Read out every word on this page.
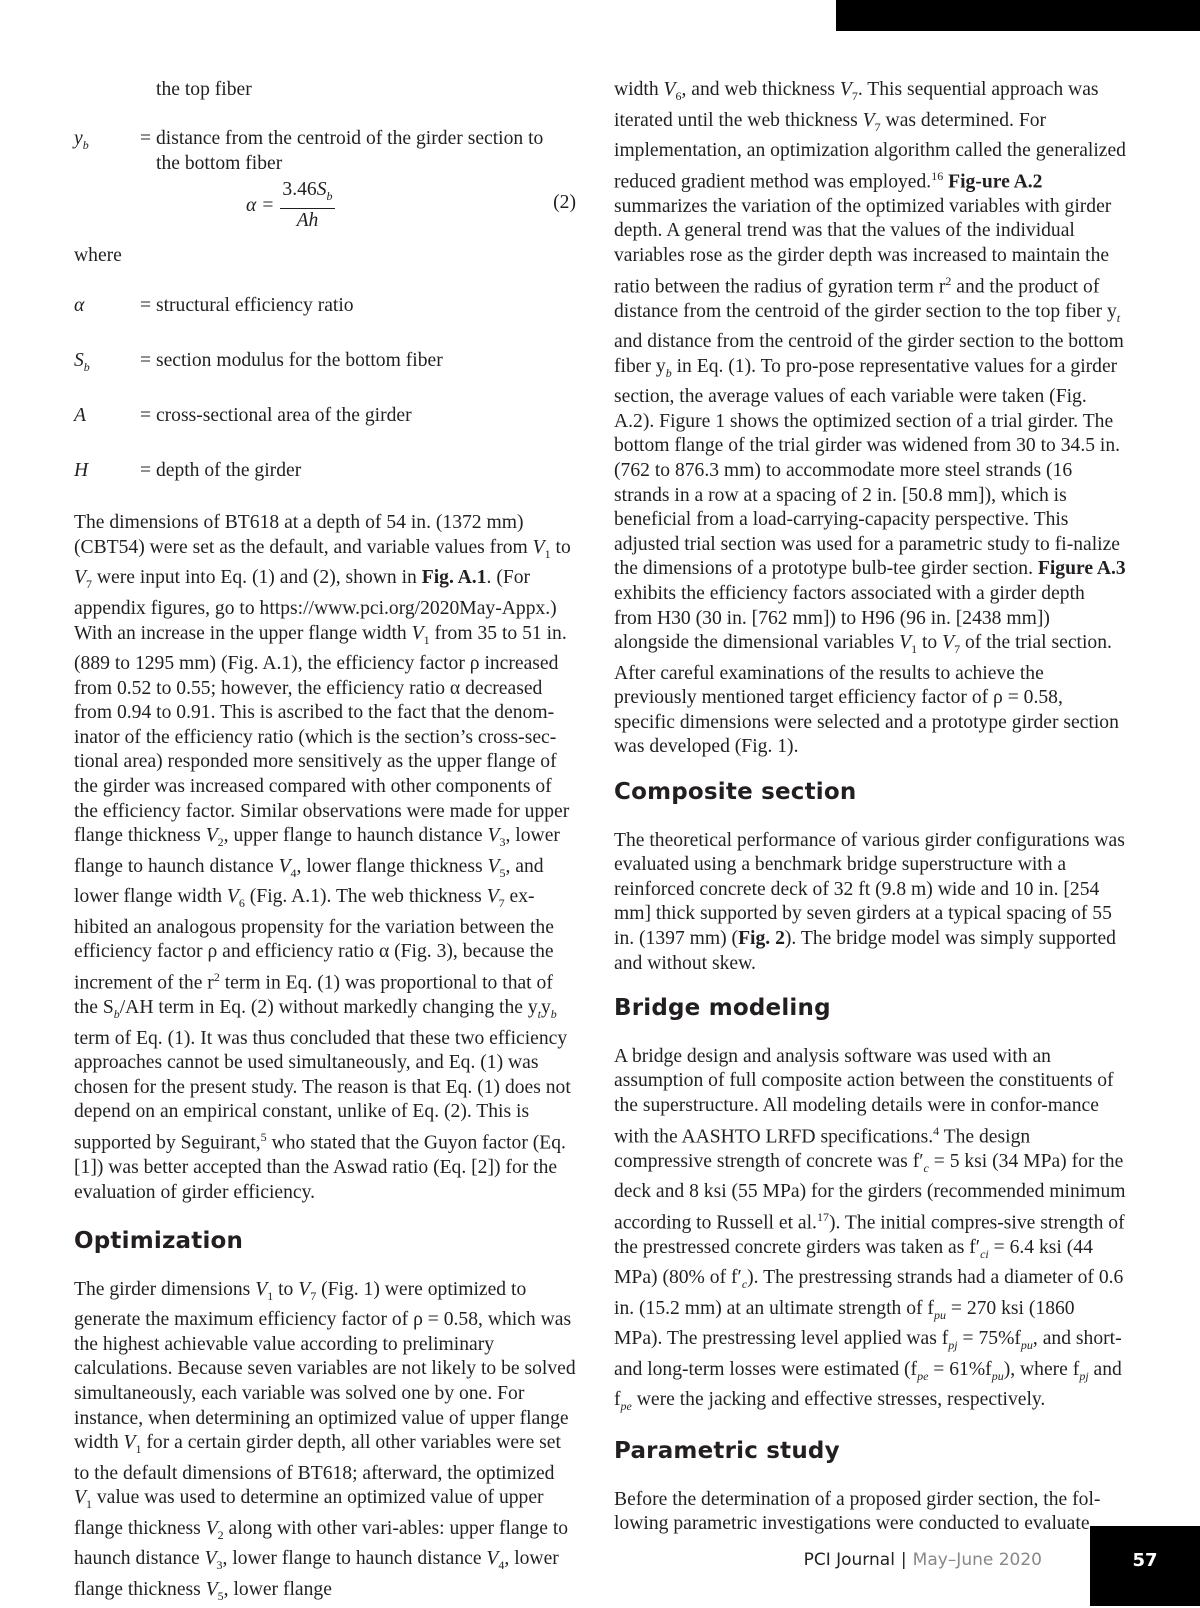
the top fiber
$y_b$	= distance from the centroid of the girder section to
the bottom fiber
$\alpha = \frac{3.46S_b}{Ah}$	(2)

where

α	= structural efficiency ratio
$S_b$	= section modulus for the bottom fiber
A	= cross-sectional area of the girder
H	= depth of the girder

The dimensions of BT618 at a depth of 54 in. (1372 mm)(CBT54) were set as the default, and variable values from $V_1$ to $V_7$ were input into Eq. (1) and (2), shown in Fig. A.1. (For appendix figures, go to https://www.pci.org/2020May-Appx.) With an increase in the upper flange width $V_1$ from 35 to 51 in. (889 to 1295 mm) (Fig. A.1), the efficiency factor ρ increased from 0.52 to 0.55; however, the efficiency ratio α decreased from 0.94 to 0.91. This is ascribed to the fact that the denom-inator of the efficiency ratio (which is the section’s cross-sec-tional area) responded more sensitively as the upper flange of the girder was increased compared with other components of the efficiency factor. Similar observations were made for upper flange thickness $V_2$, upper flange to haunch distance $V_3$, lower flange to haunch distance $V_4$, lower flange thickness $V_5$, and lower flange width $V_6$ (Fig. A.1). The web thickness $V_7$ ex-hibited an analogous propensity for the variation between the efficiency factor ρ and efficiency ratio α (Fig. 3), because the increment of the $r^2$ term in Eq. (1) was proportional to that of the $S_b/AH$ term in Eq. (2) without markedly changing the $y_ty_b$ term of Eq. (1). It was thus concluded that these two efficiency approaches cannot be used simultaneously, and Eq. (1) was chosen for the present study. The reason is that Eq. (1) does not depend on an empirical constant, unlike of Eq. (2). This is supported by Seguirant,$^5$ who stated that the Guyon factor (Eq. [1]) was better accepted than the Aswad ratio (Eq. [2]) for the evaluation of girder efficiency.

Optimization

The girder dimensions $V_1$ to $V_7$ (Fig. 1) were optimized to generate the maximum efficiency factor of ρ = 0.58, which was the highest achievable value according to preliminary calculations. Because seven variables are not likely to be solved simultaneously, each variable was solved one by one. For instance, when determining an optimized value of upper flange width $V_1$ for a certain girder depth, all other variables were set to the default dimensions of BT618; afterward, the optimized $V_1$ value was used to determine an optimized value of upper flange thickness $V_2$ along with other vari-ables: upper flange to haunch distance $V_3$, lower flange to haunch distance $V_4$, lower flange thickness $V_5$, lower flange

width $V_6$, and web thickness $V_7$. This sequential approach was iterated until the web thickness $V_7$ was determined. For implementation, an optimization algorithm called the generalized reduced gradient method was employed.$^{16}$ Fig-ure A.2 summarizes the variation of the optimized variables with girder depth. A general trend was that the values of the individual variables rose as the girder depth was increased to maintain the ratio between the radius of gyration term $r^2$ and the product of distance from the centroid of the girder section to the top fiber $y_t$ and distance from the centroid of the girder section to the bottom fiber $y_b$ in Eq. (1). To pro-pose representative values for a girder section, the average values of each variable were taken (Fig. A.2). Figure 1 shows the optimized section of a trial girder. The bottom flange of the trial girder was widened from 30 to 34.5 in. (762 to 876.3 mm) to accommodate more steel strands (16 strands in a row at a spacing of 2 in. [50.8 mm]), which is beneficial from a load-carrying-capacity perspective. This adjusted trial section was used for a parametric study to fi-nalize the dimensions of a prototype bulb-tee girder section. Figure A.3 exhibits the efficiency factors associated with a girder depth from H30 (30 in. [762 mm]) to H96 (96 in. [2438 mm]) alongside the dimensional variables $V_1$ to $V_7$ of the trial section. After careful examinations of the results to achieve the previously mentioned target efficiency factor of ρ = 0.58, specific dimensions were selected and a prototype girder section was developed (Fig. 1).

Composite section

The theoretical performance of various girder configurations was evaluated using a benchmark bridge superstructure with a reinforced concrete deck of 32 ft (9.8 m) wide and 10 in. [254 mm] thick supported by seven girders at a typical spacing of 55 in. (1397 mm) (Fig. 2). The bridge model was simply supported and without skew.

Bridge modeling

A bridge design and analysis software was used with an assumption of full composite action between the constituents of the superstructure. All modeling details were in confor-mance with the AASHTO LRFD specifications.$^4$ The design compressive strength of concrete was $f'_c = 5$ ksi (34 MPa) for the deck and 8 ksi (55 MPa) for the girders (recommended minimum according to Russell et al.$^{17}$). The initial compres-sive strength of the prestressed concrete girders was taken as $f'_{ci} = 6.4$ ksi (44 MPa) (80% of $f'_c$). The prestressing strands had a diameter of 0.6 in. (15.2 mm) at an ultimate strength of $f_{pu} = 270$ ksi (1860 MPa). The prestressing level applied was $f_{pj} = 75\%f_{pu}$, and short- and long-term losses were estimated $(f_{pe} = 61\%f_{pu})$, where $f_{pj}$ and $f_{pe}$ were the jacking and effective stresses, respectively.

Parametric study

Before the determination of a proposed girder section, the fol-lowing parametric investigations were conducted to evaluate

PCI Journal | May–June 2020	57
